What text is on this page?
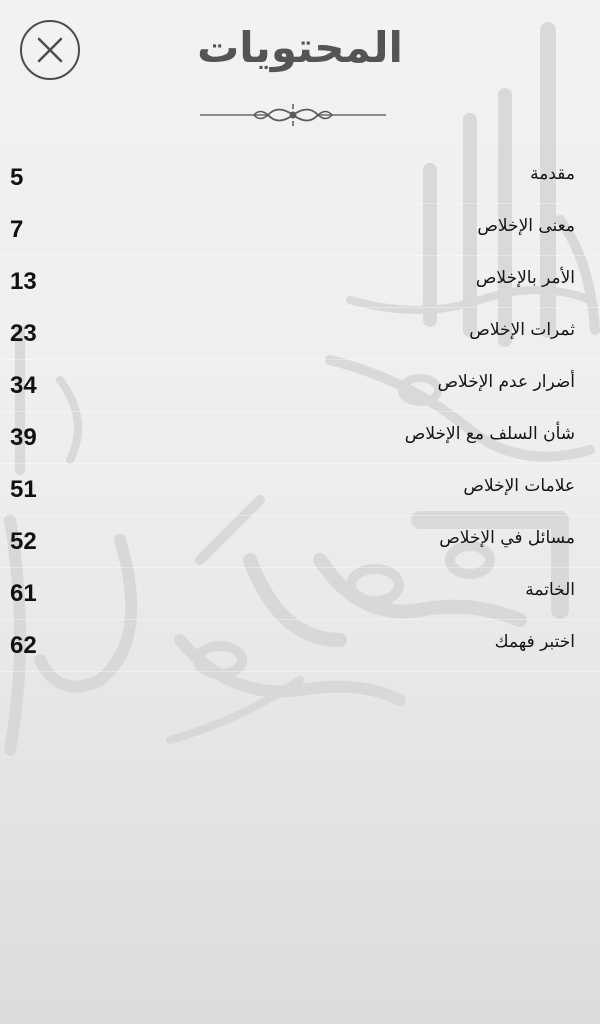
المحتويات
مقدمة
5
معنى الإخلاص
7
الأمر بالإخلاص
13
ثمرات الإخلاص
23
أضرار عدم الإخلاص
34
شأن السلف مع الإخلاص
39
علامات الإخلاص
51
مسائل في الإخلاص
52
الخاتمة
61
اختبر فهمك
62
